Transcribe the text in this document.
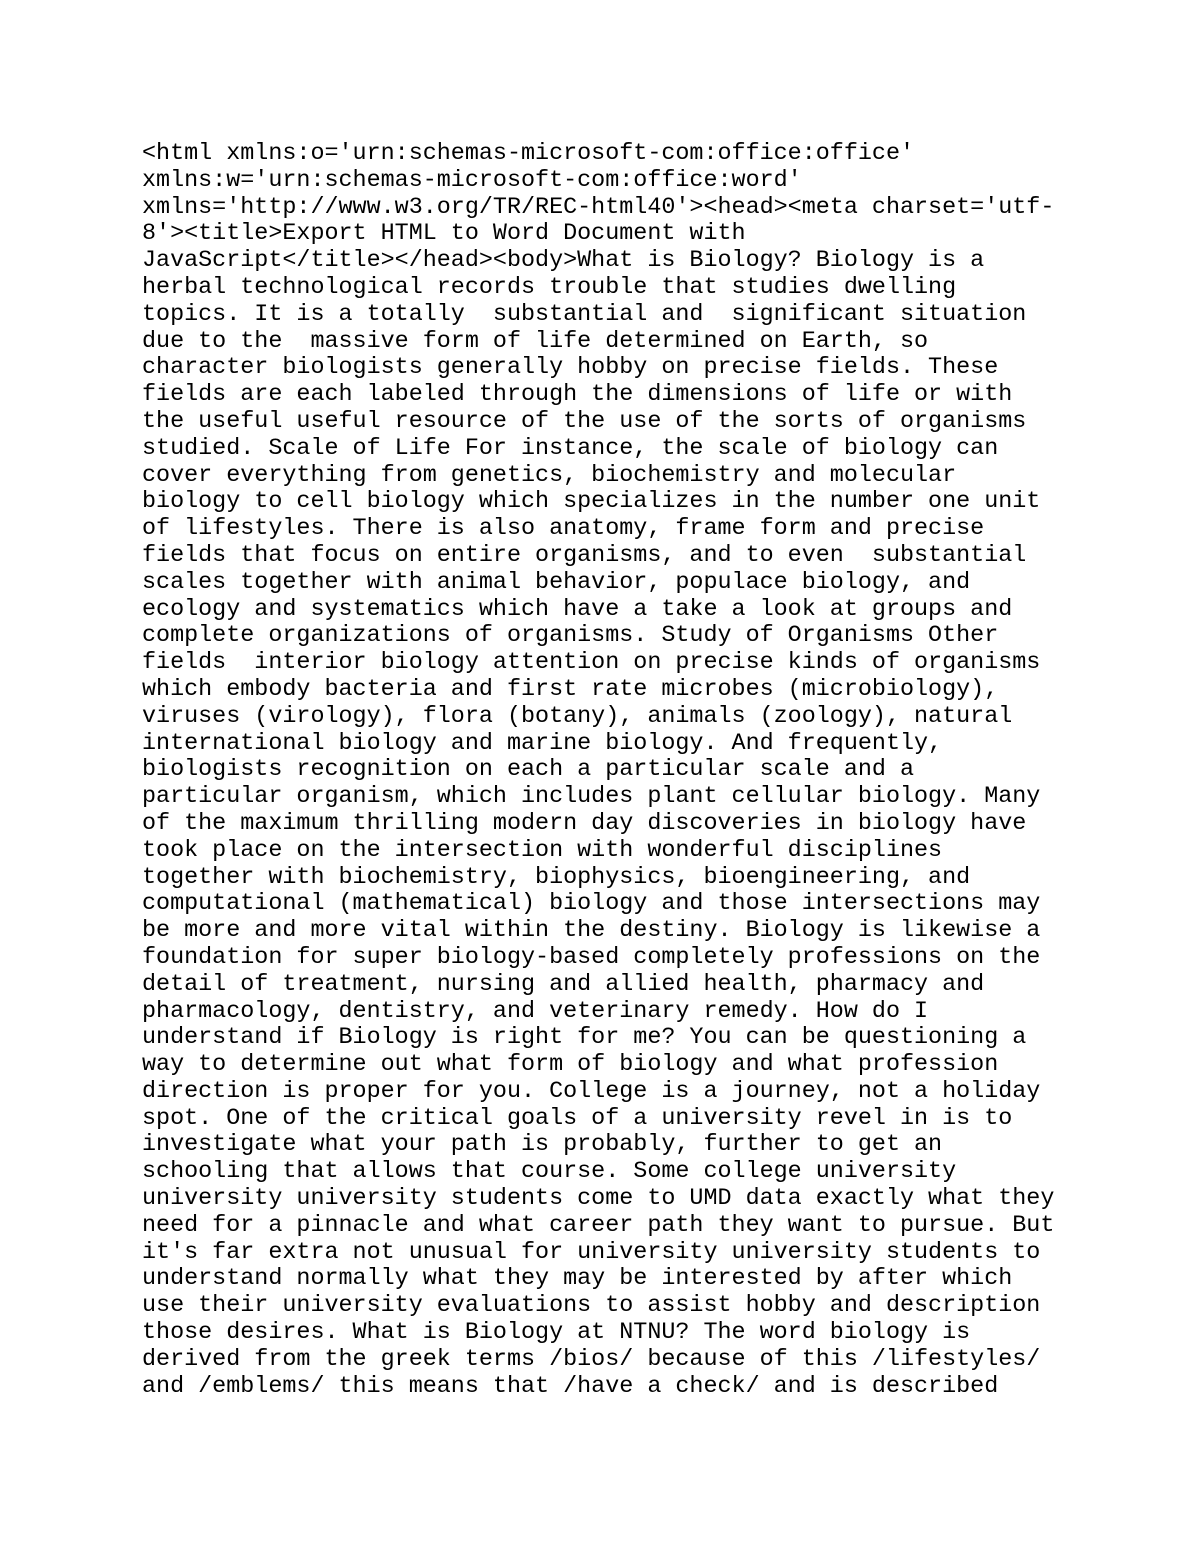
<html xmlns:o='urn:schemas-microsoft-com:office:office'
xmlns:w='urn:schemas-microsoft-com:office:word'
xmlns='http://www.w3.org/TR/REC-html40'><head><meta charset='utf-
8'><title>Export HTML to Word Document with
JavaScript</title></head><body>What is Biology? Biology is a
herbal technological records trouble that studies dwelling
topics. It is a totally  substantial and  significant situation
due to the  massive form of life determined on Earth, so
character biologists generally hobby on precise fields. These
fields are each labeled through the dimensions of life or with
the useful useful resource of the use of the sorts of organisms
studied. Scale of Life For instance, the scale of biology can
cover everything from genetics, biochemistry and molecular
biology to cell biology which specializes in the number one unit
of lifestyles. There is also anatomy, frame form and precise
fields that focus on entire organisms, and to even  substantial
scales together with animal behavior, populace biology, and
ecology and systematics which have a take a look at groups and
complete organizations of organisms. Study of Organisms Other
fields  interior biology attention on precise kinds of organisms
which embody bacteria and first rate microbes (microbiology),
viruses (virology), flora (botany), animals (zoology), natural
international biology and marine biology. And frequently,
biologists recognition on each a particular scale and a
particular organism, which includes plant cellular biology. Many
of the maximum thrilling modern day discoveries in biology have
took place on the intersection with wonderful disciplines
together with biochemistry, biophysics, bioengineering, and
computational (mathematical) biology and those intersections may
be more and more vital within the destiny. Biology is likewise a
foundation for super biology-based completely professions on the
detail of treatment, nursing and allied health, pharmacy and
pharmacology, dentistry, and veterinary remedy. How do I
understand if Biology is right for me? You can be questioning a
way to determine out what form of biology and what profession
direction is proper for you. College is a journey, not a holiday
spot. One of the critical goals of a university revel in is to
investigate what your path is probably, further to get an
schooling that allows that course. Some college university
university university students come to UMD data exactly what they
need for a pinnacle and what career path they want to pursue. But
it's far extra not unusual for university university students to
understand normally what they may be interested by after which
use their university evaluations to assist hobby and description
those desires. What is Biology at NTNU? The word biology is
derived from the greek terms /bios/ because of this /lifestyles/
and /emblems/ this means that /have a check/ and is described
